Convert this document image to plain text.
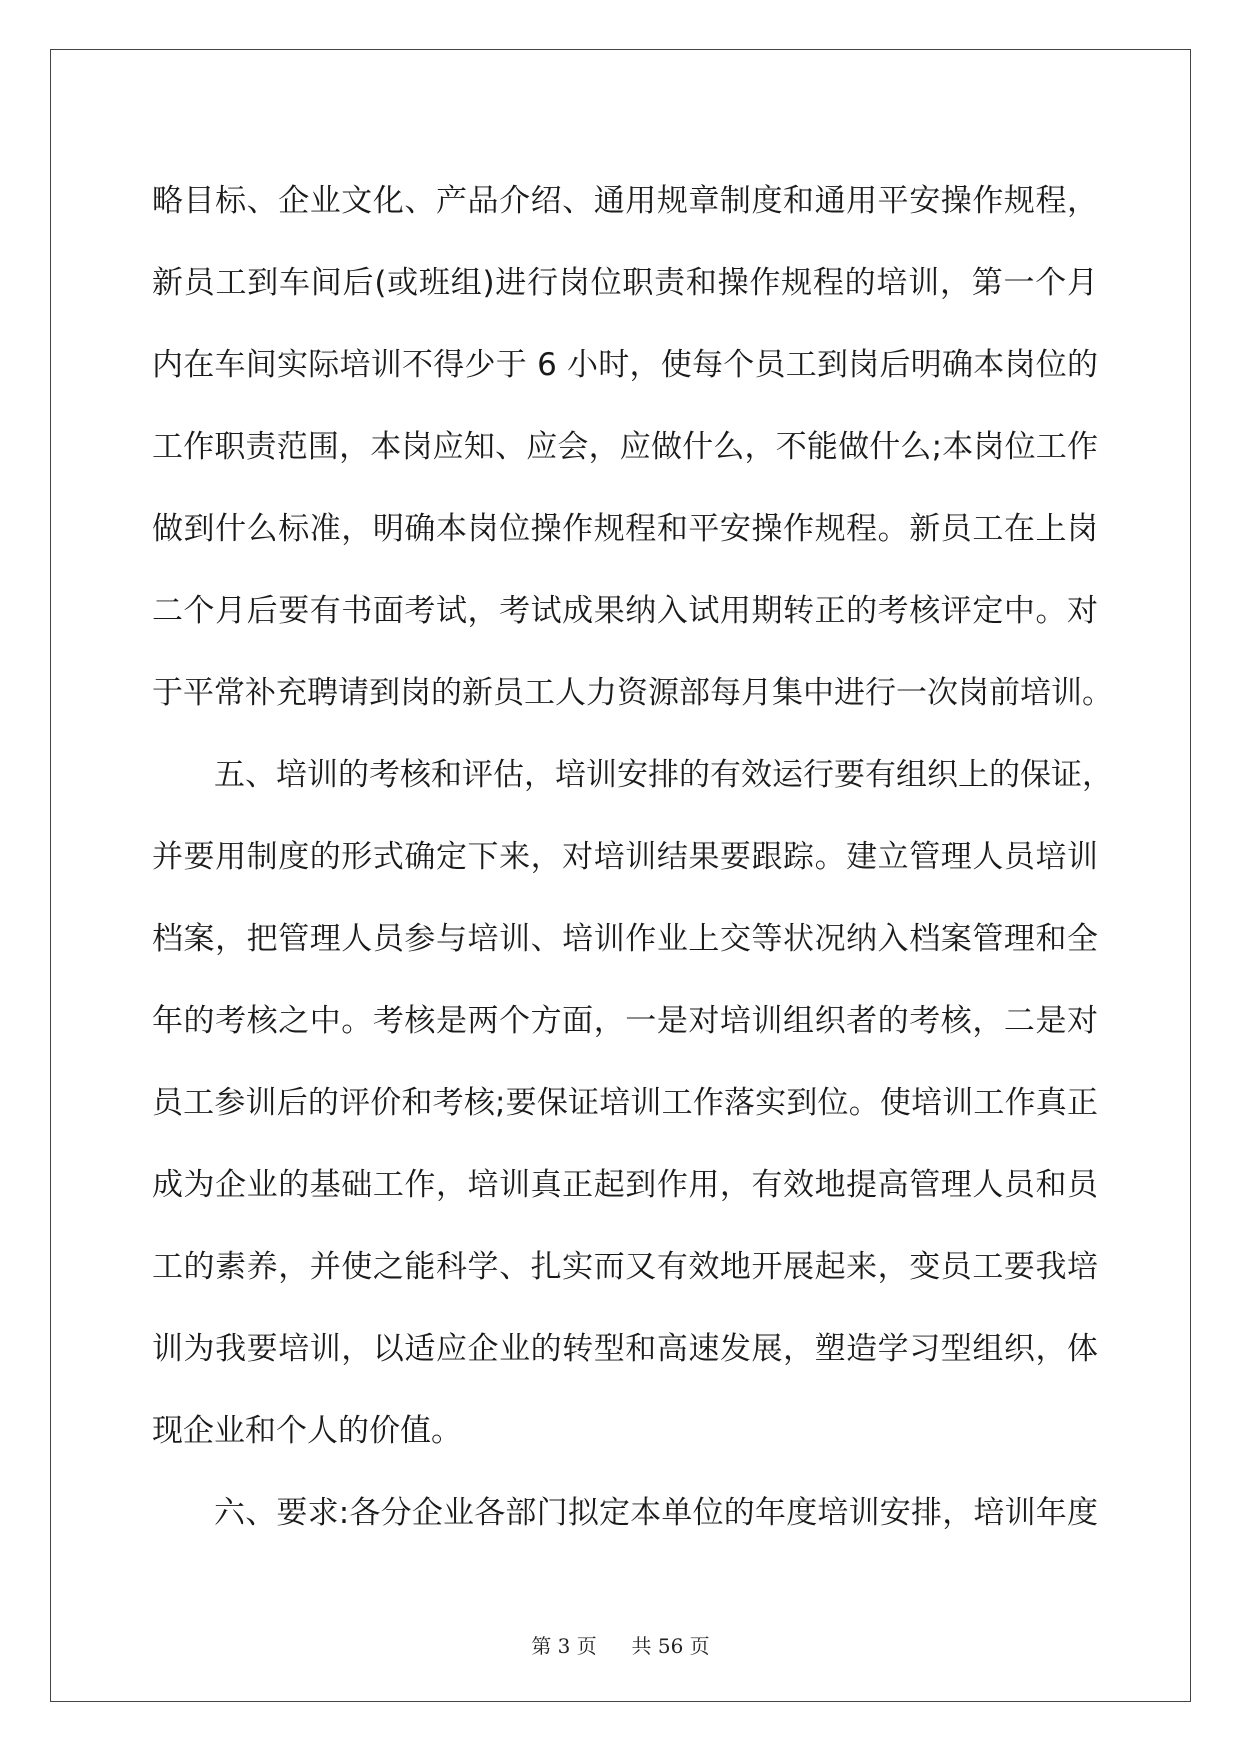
略目标、企业文化、产品介绍、通用规章制度和通用平安操作规程，

新员工到车间后(或班组)进行岗位职责和操作规程的培训，第一个月

内在车间实际培训不得少于 6 小时，使每个员工到岗后明确本岗位的

工作职责范围，本岗应知、应会，应做什么，不能做什么;本岗位工作

做到什么标准，明确本岗位操作规程和平安操作规程。新员工在上岗

二个月后要有书面考试，考试成果纳入试用期转正的考核评定中。对

于平常补充聘请到岗的新员工人力资源部每月集中进行一次岗前培训。

五、培训的考核和评估，培训安排的有效运行要有组织上的保证，

并要用制度的形式确定下来，对培训结果要跟踪。建立管理人员培训

档案，把管理人员参与培训、培训作业上交等状况纳入档案管理和全

年的考核之中。考核是两个方面，一是对培训组织者的考核，二是对

员工参训后的评价和考核;要保证培训工作落实到位。使培训工作真正

成为企业的基础工作，培训真正起到作用，有效地提高管理人员和员

工的素养，并使之能科学、扎实而又有效地开展起来，变员工要我培

训为我要培训，以适应企业的转型和高速发展，塑造学习型组织，体

现企业和个人的价值。

六、要求:各分企业各部门拟定本单位的年度培训安排，培训年度

第 3 页 共 56 页
